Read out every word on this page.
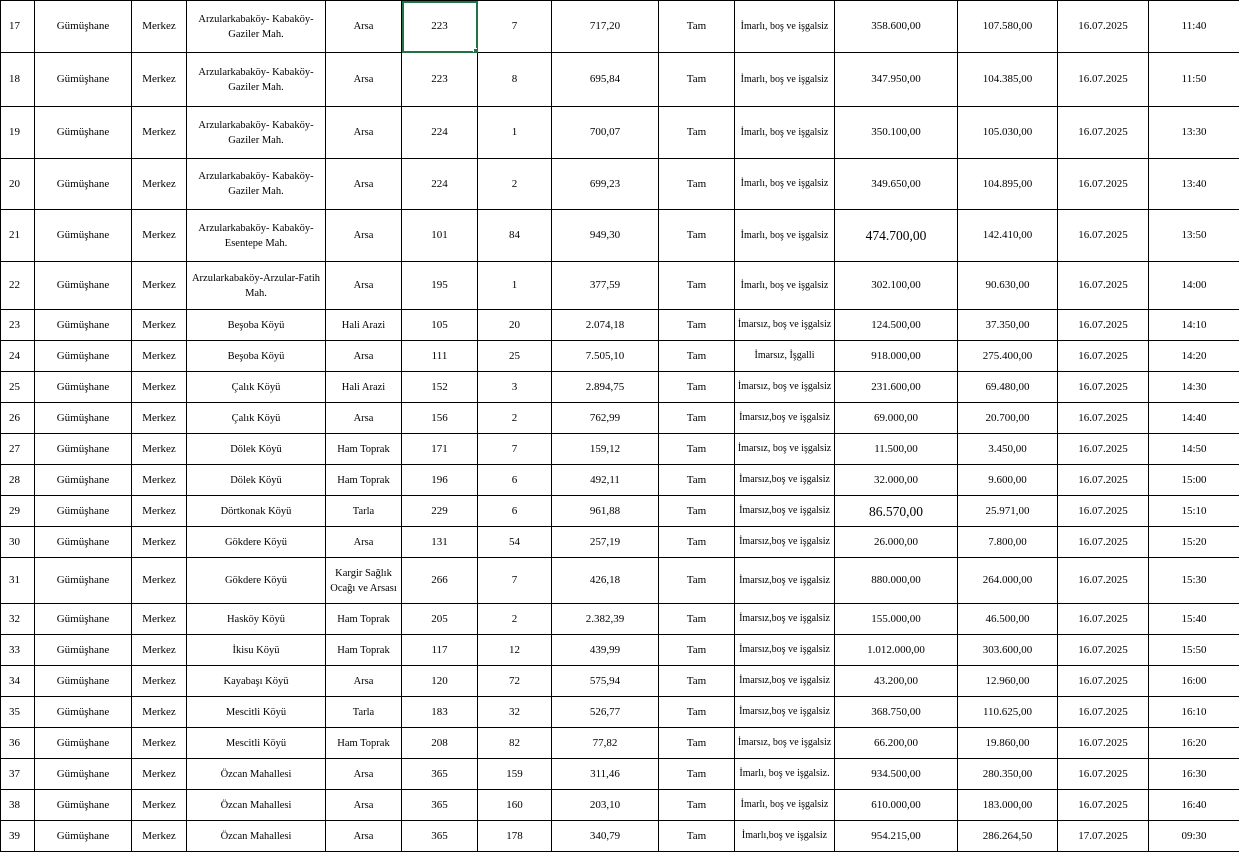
17	Gümüşhane	Merkez	Arzularkabaköy- Kabaköy-Gaziler Mah.	Arsa	223	7	717,20	Tam	İmarlı, boş ve işgalsiz	358.600,00	107.580,00	16.07.2025	11:40
18	Gümüşhane	Merkez	Arzularkabaköy- Kabaköy-Gaziler Mah.	Arsa	223	8	695,84	Tam	İmarlı, boş ve işgalsiz	347.950,00	104.385,00	16.07.2025	11:50
19	Gümüşhane	Merkez	Arzularkabaköy- Kabaköy-Gaziler Mah.	Arsa	224	1	700,07	Tam	İmarlı, boş ve işgalsiz	350.100,00	105.030,00	16.07.2025	13:30
20	Gümüşhane	Merkez	Arzularkabaköy- Kabaköy-Gaziler Mah.	Arsa	224	2	699,23	Tam	İmarlı, boş ve işgalsiz	349.650,00	104.895,00	16.07.2025	13:40
21	Gümüşhane	Merkez	Arzularkabaköy- Kabaköy-Esentepe Mah.	Arsa	101	84	949,30	Tam	İmarlı, boş ve işgalsiz	474.700,00	142.410,00	16.07.2025	13:50
22	Gümüşhane	Merkez	Arzularkabaköy-Arzular-Fatih Mah.	Arsa	195	1	377,59	Tam	İmarlı, boş ve işgalsiz	302.100,00	90.630,00	16.07.2025	14:00
23	Gümüşhane	Merkez	Beşoba Köyü	Hali Arazi	105	20	2.074,18	Tam	İmarsız, boş ve işgalsiz	124.500,00	37.350,00	16.07.2025	14:10
24	Gümüşhane	Merkez	Beşoba Köyü	Arsa	111	25	7.505,10	Tam	İmarsız, İşgalli	918.000,00	275.400,00	16.07.2025	14:20
25	Gümüşhane	Merkez	Çalık Köyü	Hali Arazi	152	3	2.894,75	Tam	İmarsız, boş ve işgalsiz	231.600,00	69.480,00	16.07.2025	14:30
26	Gümüşhane	Merkez	Çalık Köyü	Arsa	156	2	762,99	Tam	İmarsız,boş ve işgalsiz	69.000,00	20.700,00	16.07.2025	14:40
27	Gümüşhane	Merkez	Dölek Köyü	Ham Toprak	171	7	159,12	Tam	İmarsız, boş ve işgalsiz	11.500,00	3.450,00	16.07.2025	14:50
28	Gümüşhane	Merkez	Dölek Köyü	Ham Toprak	196	6	492,11	Tam	İmarsız,boş ve işgalsiz	32.000,00	9.600,00	16.07.2025	15:00
29	Gümüşhane	Merkez	Dörtkonak Köyü	Tarla	229	6	961,88	Tam	İmarsız,boş ve işgalsiz	86.570,00	25.971,00	16.07.2025	15:10
30	Gümüşhane	Merkez	Gökdere Köyü	Arsa	131	54	257,19	Tam	İmarsız,boş ve işgalsiz	26.000,00	7.800,00	16.07.2025	15:20
31	Gümüşhane	Merkez	Gökdere Köyü	Kargir Sağlık Ocağı ve Arsası	266	7	426,18	Tam	İmarsız,boş ve işgalsiz	880.000,00	264.000,00	16.07.2025	15:30
32	Gümüşhane	Merkez	Hasköy Köyü	Ham Toprak	205	2	2.382,39	Tam	İmarsız,boş ve işgalsiz	155.000,00	46.500,00	16.07.2025	15:40
33	Gümüşhane	Merkez	İkisu Köyü	Ham Toprak	117	12	439,99	Tam	İmarsız,boş ve işgalsiz	1.012.000,00	303.600,00	16.07.2025	15:50
34	Gümüşhane	Merkez	Kayabaşı Köyü	Arsa	120	72	575,94	Tam	İmarsız,boş ve işgalsiz	43.200,00	12.960,00	16.07.2025	16:00
35	Gümüşhane	Merkez	Mescitli Köyü	Tarla	183	32	526,77	Tam	İmarsız,boş ve işgalsiz	368.750,00	110.625,00	16.07.2025	16:10
36	Gümüşhane	Merkez	Mescitli Köyü	Ham Toprak	208	82	77,82	Tam	İmarsız, boş ve işgalsiz	66.200,00	19.860,00	16.07.2025	16:20
37	Gümüşhane	Merkez	Özcan Mahallesi	Arsa	365	159	311,46	Tam	İmarlı, boş ve işgalsiz.	934.500,00	280.350,00	16.07.2025	16:30
38	Gümüşhane	Merkez	Özcan Mahallesi	Arsa	365	160	203,10	Tam	İmarlı, boş ve işgalsiz	610.000,00	183.000,00	16.07.2025	16:40
39	Gümüşhane	Merkez	Özcan Mahallesi	Arsa	365	178	340,79	Tam	İmarlı,boş ve işgalsiz	954.215,00	286.264,50	17.07.2025	09:30
